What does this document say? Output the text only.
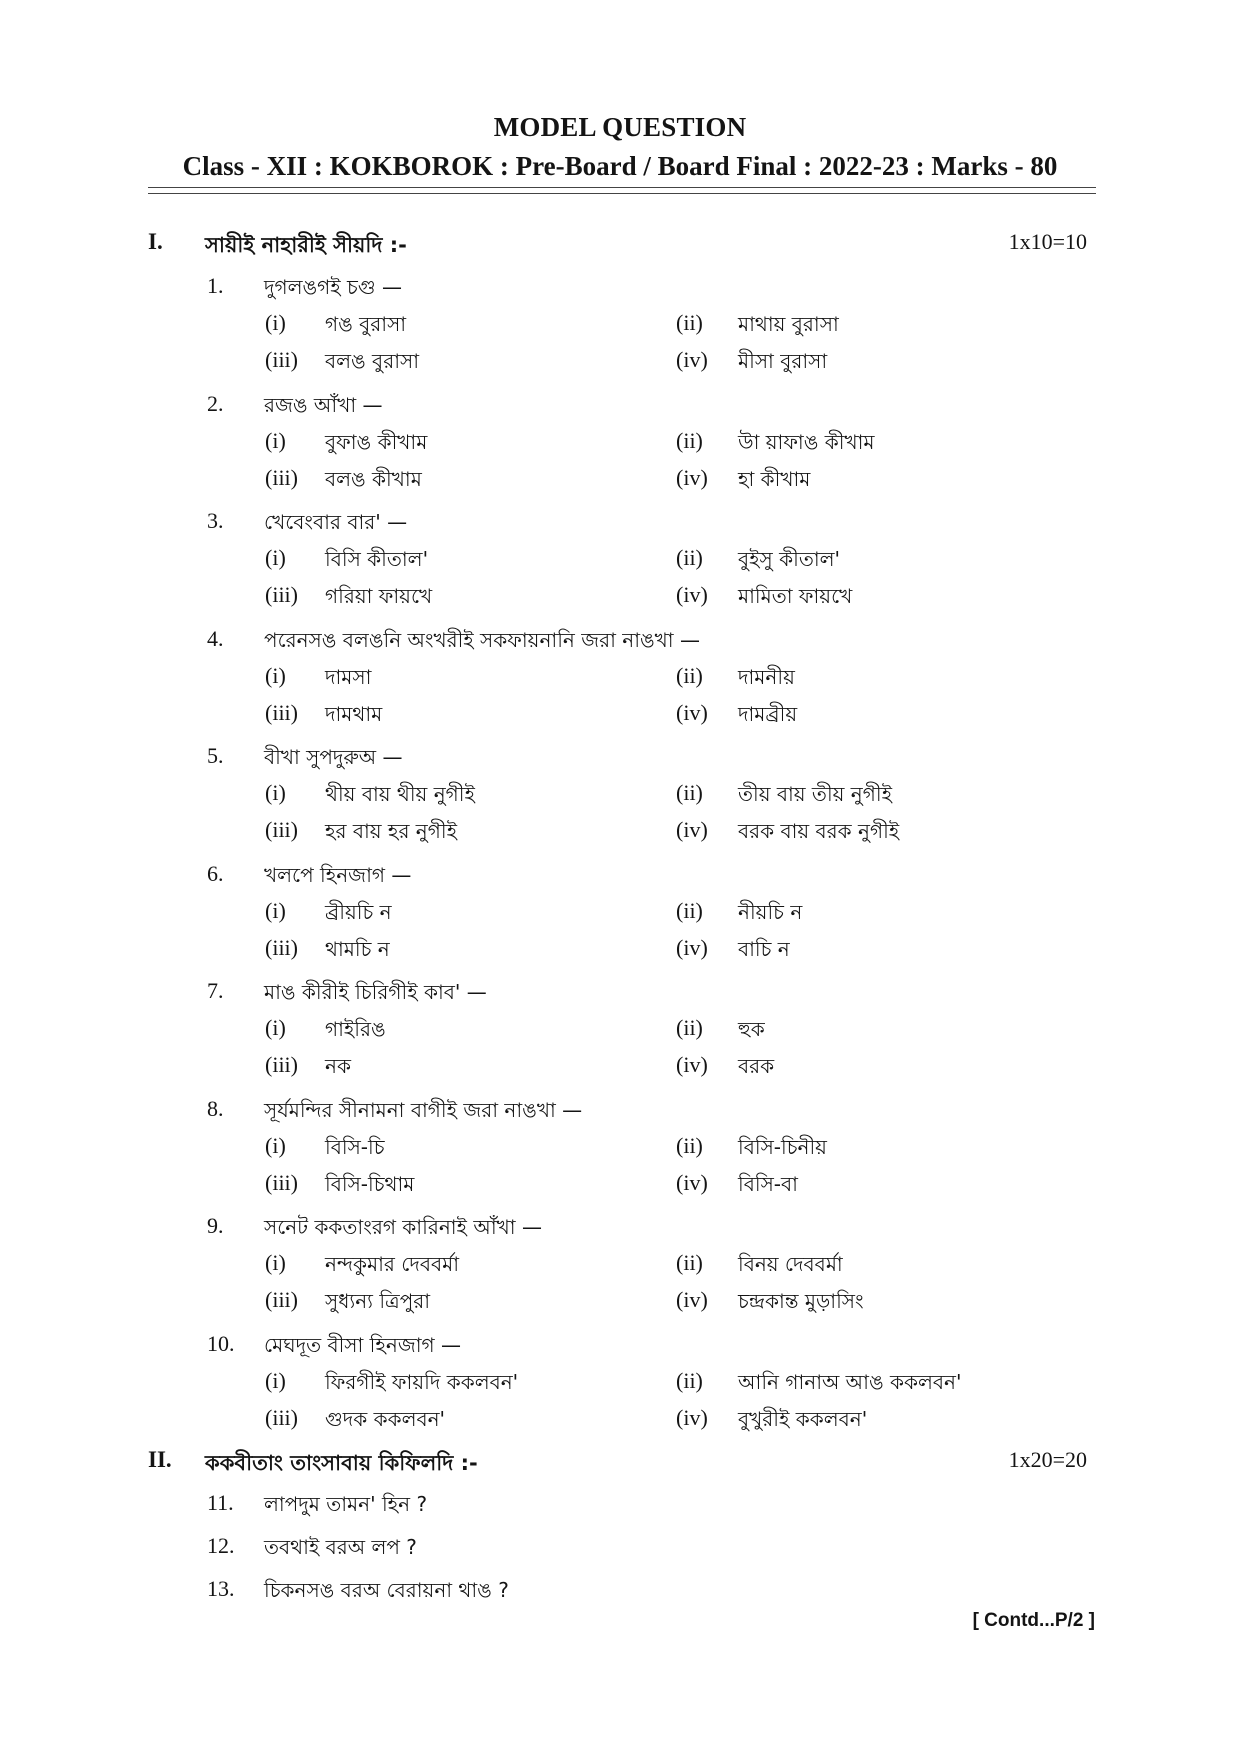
MODEL QUESTION
Class - XII : KOKBOROK : Pre-Board / Board Final : 2022-23 : Marks - 80
I. সায়ীই নাহারীই সীয়দি :-	1x10=10
1. দুগলঙগই চগু —
(i) গঙ বুরাসা	(ii) মাথায় বুরাসা
(iii) বলঙ বুরাসা	(iv) মীসা বুরাসা
2. রজঙ আঁখা —
(i) বুফাঙ কীখাম	(ii) উা য়াফাঙ কীখাম
(iii) বলঙ কীখাম	(iv) হা কীখাম
3. খেবেংবার বার' —
(i) বিসি কীতাল'	(ii) বুইসু কীতাল'
(iii) গরিয়া ফায়খে	(iv) মামিতা ফায়খে
4. পরেনসঙ বলঙনি অংখরীই সকফায়নানি জরা নাঙখা —
(i) দামসা	(ii) দামনীয়
(iii) দামথাম	(iv) দামব্রীয়
5. বীখা সুপদুরুঅ —
(i) থীয় বায় থীয় নুগীই	(ii) তীয় বায় তীয় নুগীই
(iii) হর বায় হর নুগীই	(iv) বরক বায় বরক নুগীই
6. খলপে হিনজাগ —
(i) ব্রীয়চি ন	(ii) নীয়চি ন
(iii) থামচি ন	(iv) বাচি ন
7. মাঙ কীরীই চিরিগীই কাব' —
(i) গাইরিঙ	(ii) হুক
(iii) নক	(iv) বরক
8. সূর্যমন্দির সীনামনা বাগীই জরা নাঙখা —
(i) বিসি-চি	(ii) বিসি-চিনীয়
(iii) বিসি-চিথাম	(iv) বিসি-বা
9. সনেট ককতাংরগ কারিনাই আঁখা —
(i) নন্দকুমার দেববর্মা	(ii) বিনয় দেববর্মা
(iii) সুধ্যন্য ত্রিপুরা	(iv) চন্দ্রকান্ত মুড়াসিং
10. মেঘদূত বীসা হিনজাগ —
(i) ফিরগীই ফায়দি ককলবন'	(ii) আনি গানাঅ আঙ ককলবন'
(iii) গুদক ককলবন'	(iv) বুখুরীই ককলবন'
II. ককবীতাং তাংসাবায় কিফিলদি :-	1x20=20
11. লাপদুম তামন' হিন ?
12. তবথাই বরঅ লপ ?
13. চিকনসঙ বরঅ বেরায়না থাঙ ?
[ Contd...P/2 ]
